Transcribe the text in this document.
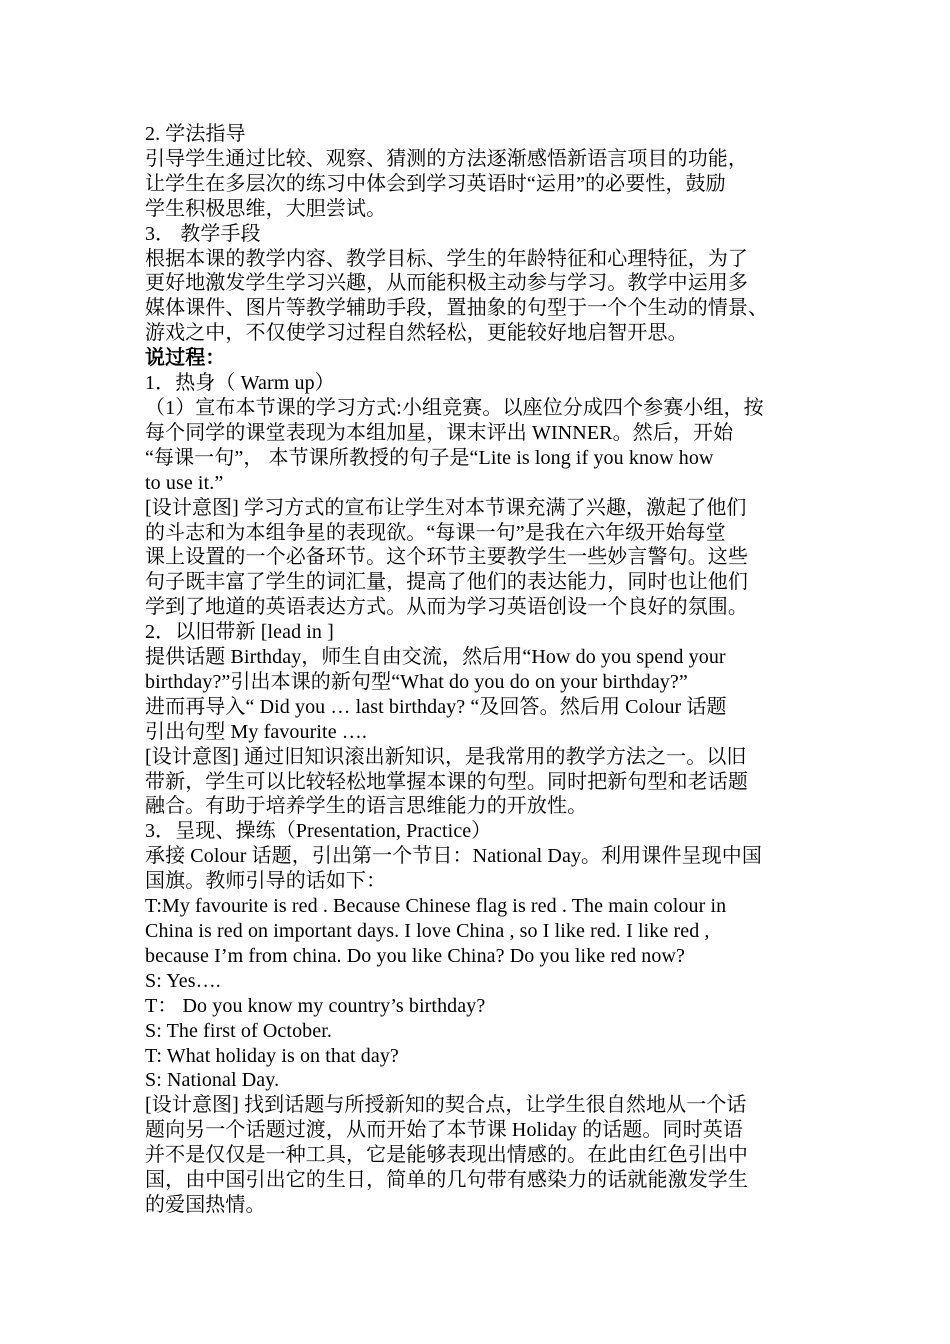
2. 学法指导
引导学生通过比较、观察、猜测的方法逐渐感悟新语言项目的功能，
让学生在多层次的练习中体会到学习英语时“运用”的必要性，鼓励
学生积极思维，大胆尝试。
3． 教学手段
根据本课的教学内容、教学目标、学生的年龄特征和心理特征，为了
更好地激发学生学习兴趣，从而能积极主动参与学习。教学中运用多
媒体课件、图片等教学辅助手段，置抽象的句型于一个个生动的情景、
游戏之中，不仅使学习过程自然轻松，更能较好地启智开思。
说过程：
1．热身（ Warm up）
（1）宣布本节课的学习方式:小组竞赛。以座位分成四个参赛小组，按
每个同学的课堂表现为本组加星，课末评出 WINNER。然后，开始
“每课一句”， 本节课所教授的句子是“Lite is long if you know how
to use it.”
[设计意图] 学习方式的宣布让学生对本节课充满了兴趣，激起了他们
的斗志和为本组争星的表现欲。“每课一句”是我在六年级开始每堂
课上设置的一个必备环节。这个环节主要教学生一些妙言警句。这些
句子既丰富了学生的词汇量，提高了他们的表达能力，同时也让他们
学到了地道的英语表达方式。从而为学习英语创设一个良好的氛围。
2．以旧带新 [lead in ]
提供话题 Birthday，师生自由交流，然后用“How do you spend your
birthday?”引出本课的新句型“What do you do on your birthday?”
进而再导入“ Did you … last birthday? “及回答。然后用 Colour 话题
引出句型 My favourite ….
[设计意图] 通过旧知识滚出新知识，是我常用的教学方法之一。以旧
带新，学生可以比较轻松地掌握本课的句型。同时把新句型和老话题
融合。有助于培养学生的语言思维能力的开放性。
3．呈现、操练（Presentation, Practice）
承接 Colour 话题，引出第一个节日：National Day。利用课件呈现中国
国旗。教师引导的话如下：
T:My favourite is red . Because Chinese flag is red . The main colour in
China is red on important days. I love China , so I like red. I like red ,
because I’m from china. Do you like China? Do you like red now?
S: Yes….
T： Do you know my country’s birthday?
S: The first of October.
T: What holiday is on that day?
S: National Day.
[设计意图] 找到话题与所授新知的契合点，让学生很自然地从一个话
题向另一个话题过渡，从而开始了本节课 Holiday 的话题。同时英语
并不是仅仅是一种工具，它是能够表现出情感的。在此由红色引出中
国，由中国引出它的生日，简单的几句带有感染力的话就能激发学生
的爱国热情。
